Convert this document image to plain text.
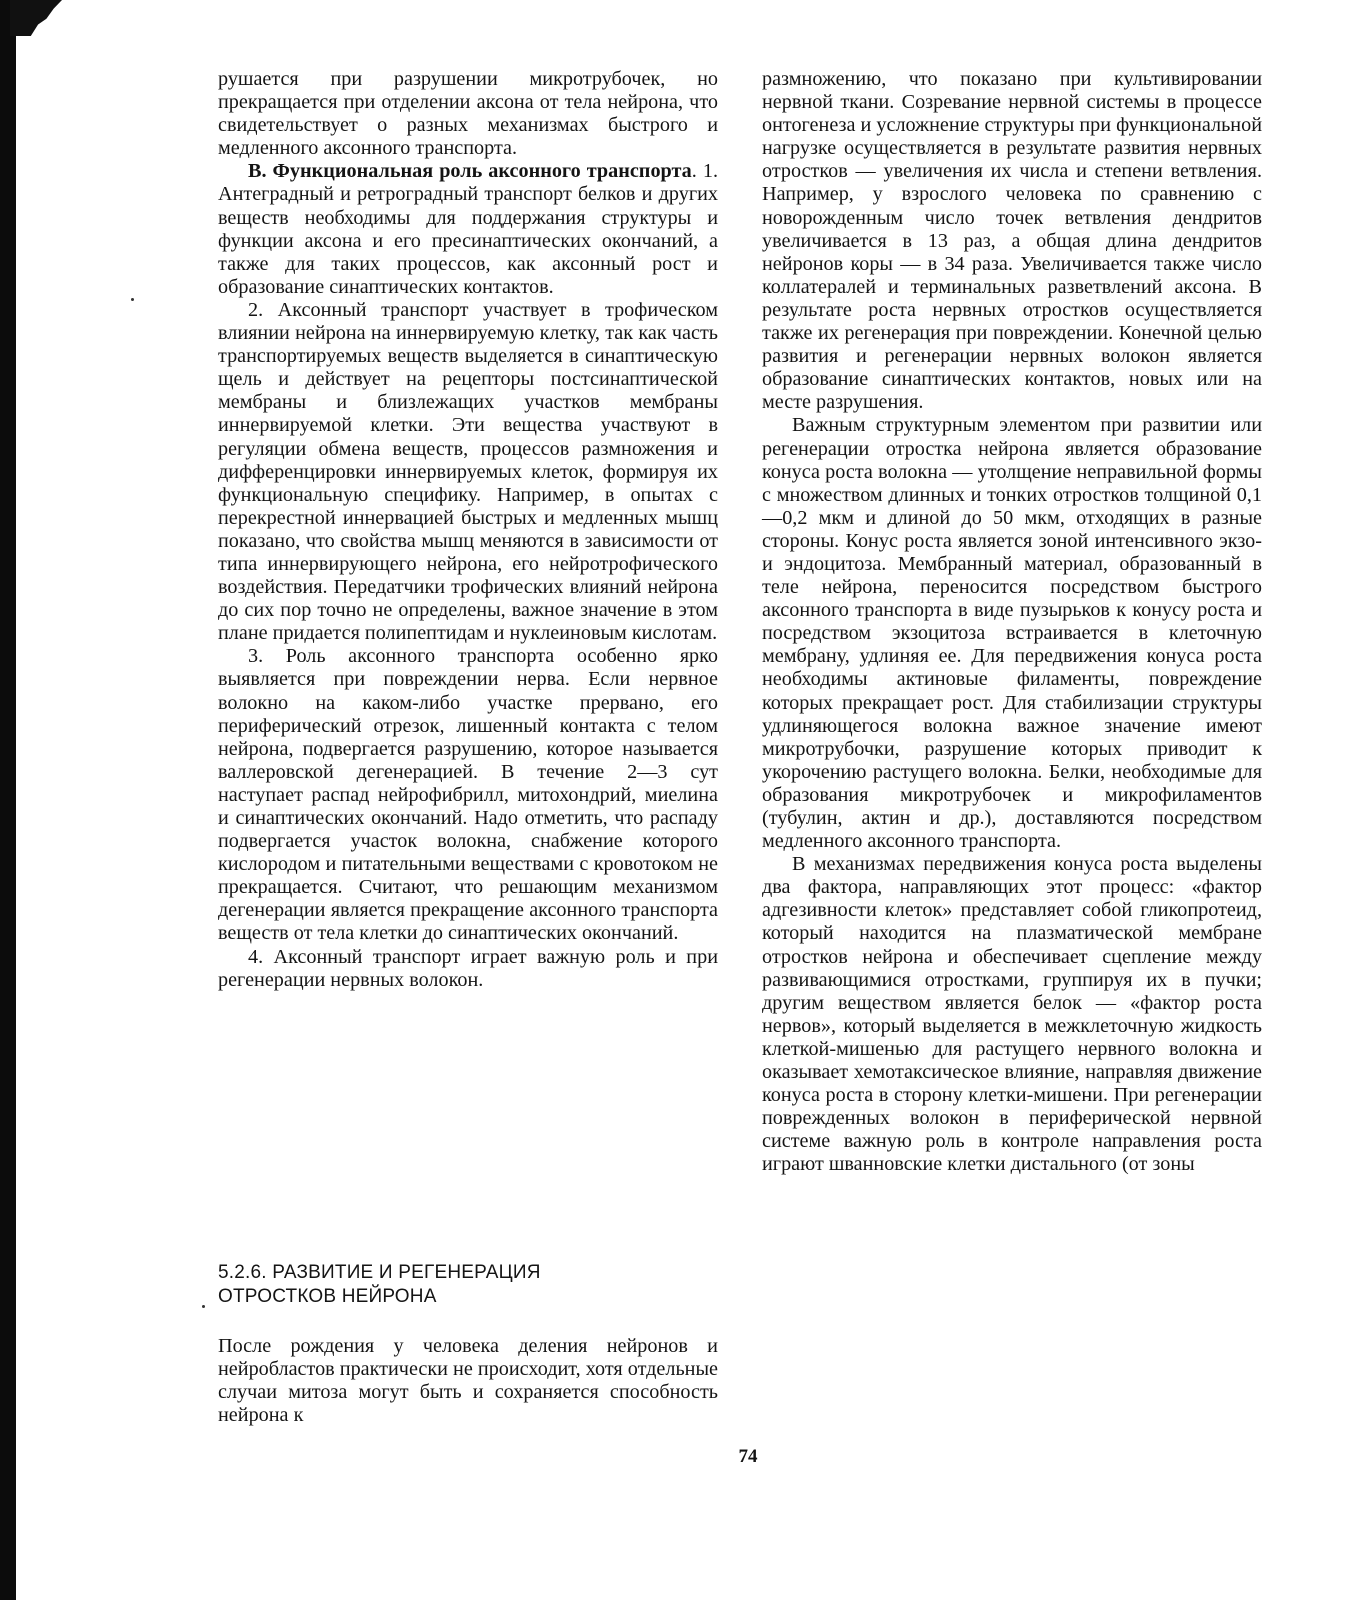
рушается при разрушении микротрубочек, но прекращается при отделении аксона от тела нейрона, что свидетельствует о разных механизмах быстрого и медленного аксонного транспорта.

В. Функциональная роль аксонного транспорта. 1. Антеградный и ретроградный транспорт белков и других веществ необходимы для поддержания структуры и функции аксона и его пресинаптических окончаний, а также для таких процессов, как аксонный рост и образование синаптических контактов.

2. Аксонный транспорт участвует в трофическом влиянии нейрона на иннервируемую клетку, так как часть транспортируемых веществ выделяется в синаптическую щель и действует на рецепторы постсинаптической мембраны и близлежащих участков мембраны иннервируемой клетки. Эти вещества участвуют в регуляции обмена веществ, процессов размножения и дифференцировки иннервируемых клеток, формируя их функциональную специфику. Например, в опытах с перекрестной иннервацией быстрых и медленных мышц показано, что свойства мышц меняются в зависимости от типа иннервирующего нейрона, его нейротрофического воздействия. Передатчики трофических влияний нейрона до сих пор точно не определены, важное значение в этом плане придается полипептидам и нуклеиновым кислотам.

3. Роль аксонного транспорта особенно ярко выявляется при повреждении нерва. Если нервное волокно на каком-либо участке прервано, его периферический отрезок, лишенный контакта с телом нейрона, подвергается разрушению, которое называется валлеровской дегенерацией. В течение 2—3 сут наступает распад нейрофибрилл, митохондрий, миелина и синаптических окончаний. Надо отметить, что распаду подвергается участок волокна, снабжение которого кислородом и питательными веществами с кровотоком не прекращается. Считают, что решающим механизмом дегенерации является прекращение аксонного транспорта веществ от тела клетки до синаптических окончаний.

4. Аксонный транспорт играет важную роль и при регенерации нервных волокон.

5.2.6. РАЗВИТИЕ И РЕГЕНЕРАЦИЯ
ОТРОСТКОВ НЕЙРОНА

После рождения у человека деления нейронов и нейробластов практически не происходит, хотя отдельные случаи митоза могут быть и сохраняется способность нейрона к

размножению, что показано при культивировании нервной ткани. Созревание нервной системы в процессе онтогенеза и усложнение структуры при функциональной нагрузке осуществляется в результате развития нервных отростков — увеличения их числа и степени ветвления. Например, у взрослого человека по сравнению с новорожденным число точек ветвления дендритов увеличивается в 13 раз, а общая длина дендритов нейронов коры — в 34 раза. Увеличивается также число коллатералей и терминальных разветвлений аксона. В результате роста нервных отростков осуществляется также их регенерация при повреждении. Конечной целью развития и регенерации нервных волокон является образование синаптических контактов, новых или на месте разрушения.

Важным структурным элементом при развитии или регенерации отростка нейрона является образование конуса роста волокна — утолщение неправильной формы с множеством длинных и тонких отростков толщиной 0,1—0,2 мкм и длиной до 50 мкм, отходящих в разные стороны. Конус роста является зоной интенсивного экзо- и эндоцитоза. Мембранный материал, образованный в теле нейрона, переносится посредством быстрого аксонного транспорта в виде пузырьков к конусу роста и посредством экзоцитоза встраивается в клеточную мембрану, удлиняя ее. Для передвижения конуса роста необходимы актиновые филаменты, повреждение которых прекращает рост. Для стабилизации структуры удлиняющегося волокна важное значение имеют микротрубочки, разрушение которых приводит к укорочению растущего волокна. Белки, необходимые для образования микротрубочек и микрофиламентов (тубулин, актин и др.), доставляются посредством медленного аксонного транспорта.

В механизмах передвижения конуса роста выделены два фактора, направляющих этот процесс: «фактор адгезивности клеток» представляет собой гликопротеид, который находится на плазматической мембране отростков нейрона и обеспечивает сцепление между развивающимися отростками, группируя их в пучки; другим веществом является белок — «фактор роста нервов», который выделяется в межклеточную жидкость клеткой-мишенью для растущего нервного волокна и оказывает хемотаксическое влияние, направляя движение конуса роста в сторону клетки-мишени. При регенерации поврежденных волокон в периферической нервной системе важную роль в контроле направления роста играют шванновские клетки дистального (от зоны

74
